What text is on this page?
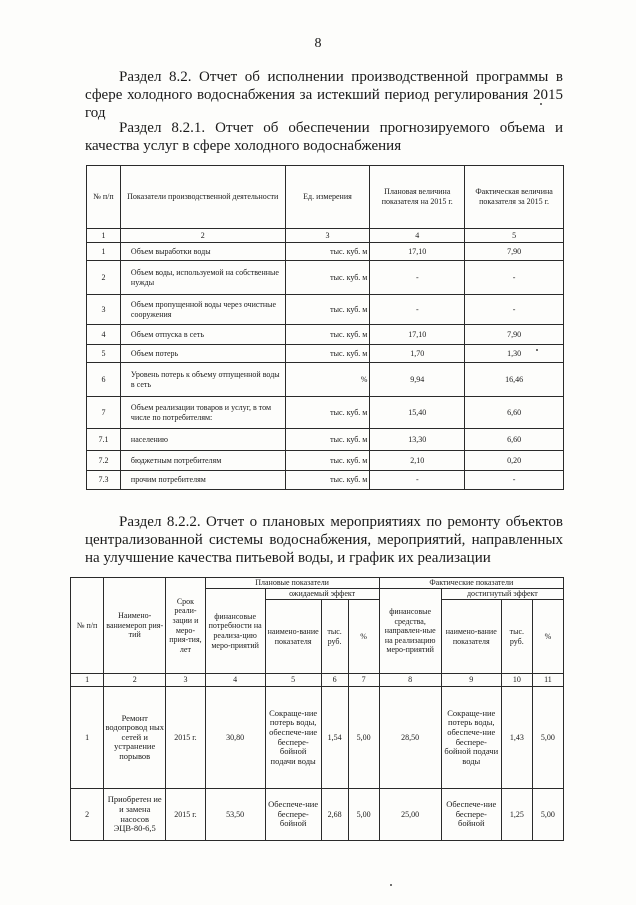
8
Раздел 8.2. Отчет об исполнении производственной программы в сфере холодного водоснабжения за истекший период регулирования 2015 год
Раздел 8.2.1. Отчет об обеспечении прогнозируемого объема и качества услуг в сфере холодного водоснабжения
№ п/п	Показатели производственной деятельности	Ед. измерения	Плановая величина показателя на 2015 г.	Фактическая величина показателя за 2015 г.
1	2	3	4	5
1	Объем выработки воды	тыс. куб. м	17,10	7,90
2	Объем воды, используемой на собственные нужды	тыс. куб. м	-	-
3	Объем пропущенной воды через очистные сооружения	тыс. куб. м	-	-
4	Объем отпуска в сеть	тыс. куб. м	17,10	7,90
5	Объем потерь	тыс. куб. м	1,70	1,30
6	Уровень потерь к объему отпущенной воды в сеть	%	9,94	16,46
7	Объем реализации товаров и услуг, в том числе по потребителям:	тыс. куб. м	15,40	6,60
7.1	населению	тыс. куб. м	13,30	6,60
7.2	бюджетным потребителям	тыс. куб. м	2,10	0,20
7.3	прочим потребителям	тыс. куб. м	-	-
Раздел 8.2.2. Отчет о плановых мероприятиях по ремонту объектов централизованной системы водоснабжения, мероприятий, направленных на улучшение качества питьевой воды, и график их реализации
№ п/п	Наимено-ваниемероп рия-тий	Срок реали-зации и меро-прия-тия, лет	Плановые показатели				Фактические показатели			
			финансовые потребности на реализа-цию меро-приятий	ожидаемый эффект			финансовые средства, направлен-ные на реализацию меро-приятий	достигнутый эффект		
				наимено-вание показателя	тыс. руб.	%		наимено-вание показателя	тыс. руб.	%
1	2	3	4	5	6	7	8	9	10	11
1	Ремонт водопровод ных сетей и устранение порывов	2015 г.	30,80	Сокраще-ние потерь воды, обеспече-ние беспере-бойной подачи воды	1,54	5,00	28,50	Сокраще-ние потерь воды, обеспече-ние беспере-бойной подачи воды	1,43	5,00
2	Приобретен ие и замена насосов ЭЦВ-80-6,5	2015 г.	53,50	Обеспече-ние беспере-бойной	2,68	5,00	25,00	Обеспече-ние беспере-бойной	1,25	5,00
